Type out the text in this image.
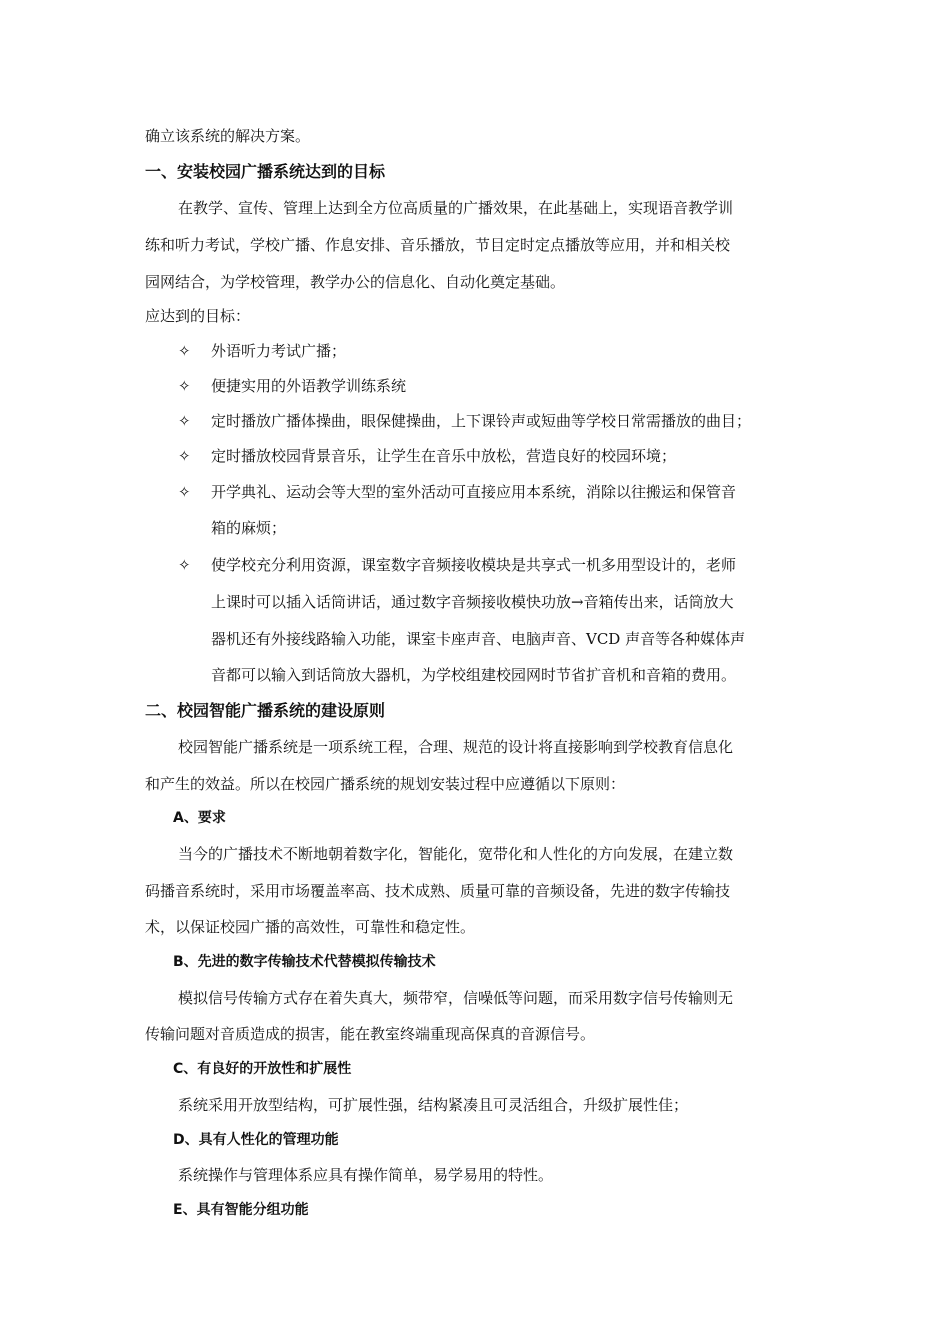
确立该系统的解决方案。
一、安装校园广播系统达到的目标
在教学、宣传、管理上达到全方位高质量的广播效果，在此基础上，实现语音教学训
练和听力考试，学校广播、作息安排、音乐播放，节目定时定点播放等应用，并和相关校
园网结合，为学校管理，教学办公的信息化、自动化奠定基础。
应达到的目标：
✧ 外语听力考试广播；
✧ 便捷实用的外语教学训练系统
✧ 定时播放广播体操曲，眼保健操曲，上下课铃声或短曲等学校日常需播放的曲目；
✧ 定时播放校园背景音乐，让学生在音乐中放松，营造良好的校园环境；
✧ 开学典礼、运动会等大型的室外活动可直接应用本系统，消除以往搬运和保管音
箱的麻烦；
✧ 使学校充分利用资源，课室数字音频接收模块是共享式一机多用型设计的，老师
上课时可以插入话筒讲话，通过数字音频接收模快功放→音箱传出来，话筒放大
器机还有外接线路输入功能，课室卡座声音、电脑声音、VCD 声音等各种媒体声
音都可以输入到话筒放大器机，为学校组建校园网时节省扩音机和音箱的费用。
二、校园智能广播系统的建设原则
校园智能广播系统是一项系统工程，合理、规范的设计将直接影响到学校教育信息化
和产生的效益。所以在校园广播系统的规划安装过程中应遵循以下原则：
A、要求
当今的广播技术不断地朝着数字化，智能化，宽带化和人性化的方向发展，在建立数
码播音系统时，采用市场覆盖率高、技术成熟、质量可靠的音频设备，先进的数字传输技
术，以保证校园广播的高效性，可靠性和稳定性。
B、先进的数字传输技术代替模拟传输技术
模拟信号传输方式存在着失真大，频带窄，信噪低等问题，而采用数字信号传输则无
传输问题对音质造成的损害，能在教室终端重现高保真的音源信号。
C、有良好的开放性和扩展性
系统采用开放型结构，可扩展性强，结构紧凑且可灵活组合，升级扩展性佳；
D、具有人性化的管理功能
系统操作与管理体系应具有操作简单，易学易用的特性。
E、具有智能分组功能
